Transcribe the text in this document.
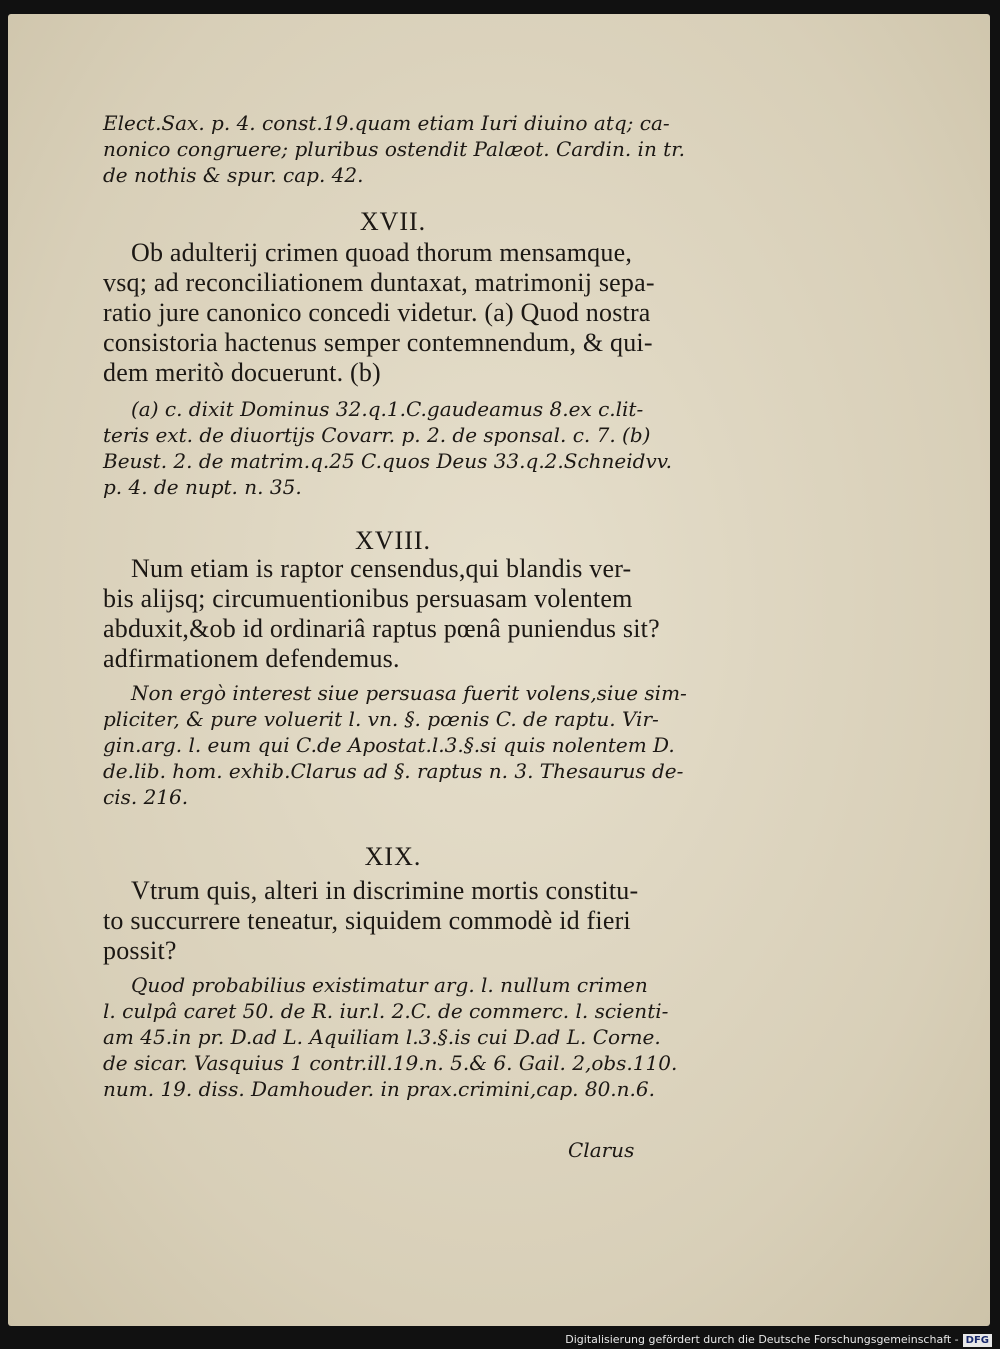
Elect.Sax. p. 4. const.19.quam etiam Iuri diuino atq; ca-
nonico congruere; pluribus ostendit Palæot. Cardin. in tr.
de nothis & spur. cap. 42.
XVII.
Ob adulterij crimen quoad thorum mensamque,
vsq; ad reconciliationem duntaxat, matrimonij sepa-
ratio jure canonico concedi videtur. (a) Quod nostra
consistoria hactenus semper contemnendum, & qui-
dem meritò docuerunt. (b)
(a) c. dixit Dominus 32.q.1.C.gaudeamus 8.ex c.lit-
teris ext. de diuortijs Covarr. p. 2. de sponsal. c. 7. (b)
Beust. 2. de matrim.q.25 C.quos Deus 33.q.2.Schneidvv.
p. 4. de nupt. n. 35.
XVIII.
Num etiam is raptor censendus,qui blandis ver-
bis alijsq; circumuentionibus persuasam volentem
abduxit,&ob id ordinariâ raptus pœnâ puniendus sit?
adfirmationem defendemus.
Non ergò interest siue persuasa fuerit volens,siue sim-
pliciter, & pure voluerit l. vn. §. pœnis C. de raptu. Vir-
gin.arg. l. eum qui C.de Apostat.l.3.§.si quis nolentem D.
de.lib. hom. exhib.Clarus ad §. raptus n. 3. Thesaurus de-
cis. 216.
XIX.
Vtrum quis, alteri in discrimine mortis constitu-
to succurrere teneatur, siquidem commodè id fieri
possit?
Quod probabilius existimatur arg. l. nullum crimen
l. culpâ caret 50. de R. iur.l. 2.C. de commerc. l. scienti-
am 45.in pr. D.ad L. Aquiliam l.3.§.is cui D.ad L. Corne.
de sicar. Vasquius 1 contr.ill.19.n. 5.& 6. Gail. 2,obs.110.
num. 19. diss. Damhouder. in prax.crimini,cap. 80.n.6.
Clarus
Digitalisierung gefördert durch die Deutsche Forschungsgemeinschaft - DFG
